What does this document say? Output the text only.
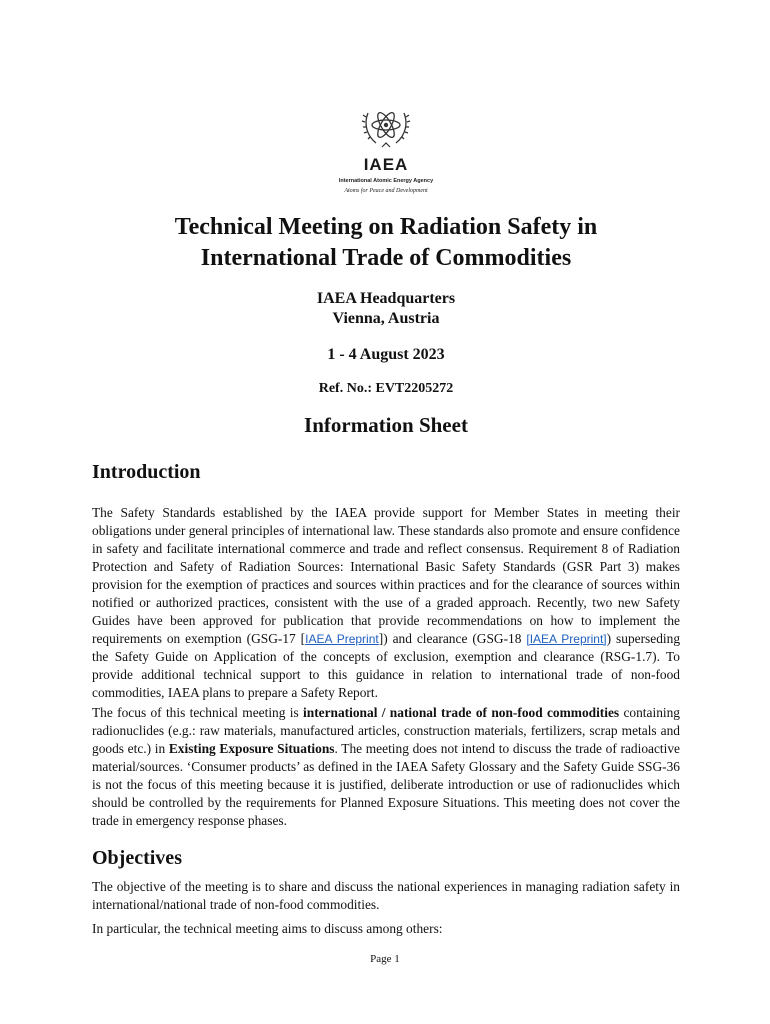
IAEA
International Atomic Energy Agency
Atoms for Peace and Development
Technical Meeting on Radiation Safety in
International Trade of Commodities

IAEA Headquarters

Vienna, Austria

1 - 4 August 2023

Ref. No.: EVT2205272

Information Sheet
Introduction

The Safety Standards established by the IAEA provide support for Member States in meeting their obligations under general principles of international law. These standards also promote and ensure confidence in safety and facilitate international commerce and trade and reflect consensus. Requirement 8 of Radiation Protection and Safety of Radiation Sources: International Basic Safety Standards (GSR Part 3) makes provision for the exemption of practices and sources within practices and for the clearance of sources within notified or authorized practices, consistent with the use of a graded approach. Recently, two new Safety Guides have been approved for publication that provide recommendations on how to implement the requirements on exemption (GSG-17 [IAEA Preprint]) and clearance (GSG-18 [IAEA Preprint]) superseding the Safety Guide on Application of the concepts of exclusion, exemption and clearance (RSG-1.7). To provide additional technical support to this guidance in relation to international trade of non-food commodities, IAEA plans to prepare a Safety Report.

The focus of this technical meeting is international / national trade of non-food commodities containing radionuclides (e.g.: raw materials, manufactured articles, construction materials, fertilizers, scrap metals and goods etc.) in Existing Exposure Situations. The meeting does not intend to discuss the trade of radioactive material/sources. ‘Consumer products’ as defined in the IAEA Safety Glossary and the Safety Guide SSG-36 is not the focus of this meeting because it is justified, deliberate introduction or use of radionuclides which should be controlled by the requirements for Planned Exposure Situations. This meeting does not cover the trade in emergency response phases.

Objectives

The objective of the meeting is to share and discuss the national experiences in managing radiation safety in international/national trade of non-food commodities.

In particular, the technical meeting aims to discuss among others:

Page 1
